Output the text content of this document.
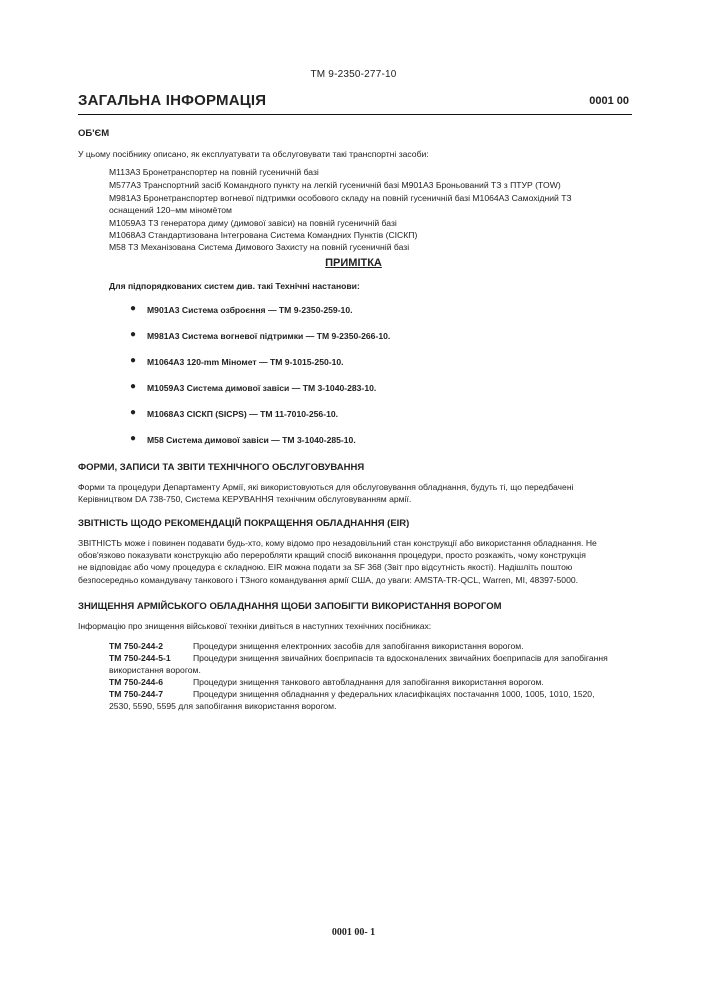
TM 9-2350-277-10
ЗАГАЛЬНА ІНФОРМАЦІЯ	0001 00
ОБ'ЄМ
У цьому посібнику описано, як експлуатувати та обслуговувати такі транспортні засоби:
M113A3 Бронетранспортер на повній гусеничній базі
M577A3 Транспортний засіб Командного пункту на легкій гусеничній базі M901A3 Броньований ТЗ з ПТУР (TOW)
M981A3 Бронетранспортер вогневої підтримки особового складу на повній гусеничній базі M1064A3 Самохідний ТЗ
оснащений 120–мм міномётом
M1059A3 ТЗ генератора диму (димової завіси) на повній гусеничній базі
M1068A3 Стандартизована Інтегрована Система Командних Пунктів (СІСКП)
M58 ТЗ Механізована Система Димового Захисту на повній гусеничній базі
ПРИМІТКА
Для підпорядкованих систем див. такі Технічні настанови:
● M901A3 Система озброєння — TM 9-2350-259-10.
● M981A3 Система вогневої підтримки — TM 9-2350-266-10.
● M1064A3 120-mm Міномет — TM 9-1015-250-10.
● M1059A3 Система димової завіси — TM 3-1040-283-10.
● M1068A3 СІСКП (SICPS) — TM 11-7010-256-10.
● M58 Система димової завіси — TM 3-1040-285-10.
ФОРМИ, ЗАПИСИ ТА ЗВІТИ ТЕХНІЧНОГО ОБСЛУГОВУВАННЯ
Форми та процедури Департаменту Армії, які використовуються для обслуговування обладнання, будуть ті, що передбачені
Керівництвом DA 738-750, Система КЕРУВАННЯ технічним обслуговуванням армії.
ЗВІТНІСТЬ ЩОДО РЕКОМЕНДАЦІЙ ПОКРАЩЕННЯ ОБЛАДНАННЯ (EIR)
ЗВІТНІСТЬ може і повинен подавати будь-хто, кому відомо про незадовільний стан конструкції або використання обладнання. Не
обов'язково показувати конструкцію або переробляти кращий спосіб виконання процедури, просто розкажіть, чому конструкція
не відповідає або чому процедура є складною. EIR можна подати за SF 368 (Звіт про відсутність якості). Надішліть поштою
безпосередньо командувачу танкового і ТЗного командування армії США, до уваги: AMSTA-TR-QCL, Warren, MI, 48397-5000.
ЗНИЩЕННЯ АРМІЙСЬКОГО ОБЛАДНАННЯ ЩОБИ ЗАПОБІГТИ ВИКОРИСТАННЯ ВОРОГОМ
Інформацію про знищення військової техніки дивіться в наступних технічних посібниках:
TM 750-244-2	Процедури знищення електронних засобів для запобігання використання ворогом.
TM 750-244-5-1	Процедури знищення звичайних боєприпасів та вдосконалених звичайних боєприпасів для запобігання
використання ворогом.
TM 750-244-6	Процедури знищення танкового автобладнання для запобігання використання ворогом.
TM 750-244-7	Процедури знищення обладнання у федеральних класифікаціях постачання 1000, 1005, 1010, 1520,
2530, 5590, 5595 для запобігання використання ворогом.
0001 00- 1
